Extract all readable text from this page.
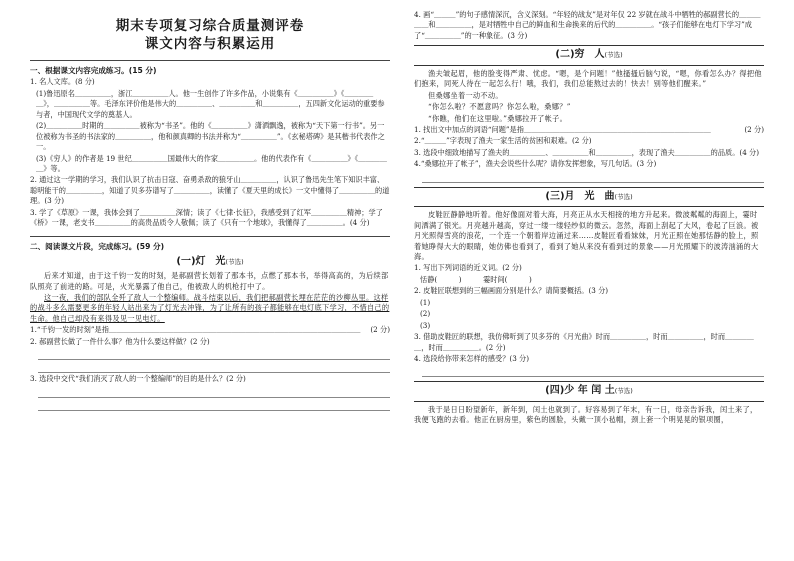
期末专项复习综合质量测评卷
课文内容与积累运用
一、根据课文内容完成练习。(15 分)
1. 名人文库。(8 分)
(1)鲁迅原名＿＿＿＿＿，浙江＿＿＿＿＿人。他一生创作了许多作品，小说集有《＿＿＿＿＿》《＿＿＿＿＿》，＿＿＿＿＿等。毛泽东评价他是伟大的＿＿＿＿＿、＿＿＿＿＿和＿＿＿＿＿，五四新文化运动的重要参与者，中国现代文学的奠基人。
(2)＿＿＿＿＿时期的＿＿＿＿＿被称为“书圣”。他的《＿＿＿＿＿》潇洒飘逸，被称为“天下第一行书”。另一位被称为书圣的书法家的＿＿＿＿＿，他和颜真卿的书法并称为“＿＿＿＿＿”。《玄秘塔碑》是其楷书代表作之一。
(3)《穷人》的作者是 19 世纪＿＿＿＿＿国最伟大的作家＿＿＿＿＿。他的代表作有《＿＿＿＿＿》《＿＿＿＿＿》等。
2. 通过这一学期的学习，我们认识了抗击日寇、奋勇杀敌的狼牙山＿＿＿＿＿，认识了鲁迅先生笔下知识丰富、聪明能干的＿＿＿＿＿，知道了贝多芬谱写了＿＿＿＿＿，读懂了《夏天里的成长》一文中懂得了＿＿＿＿＿的道理。(3 分)
3. 学了《草原》一课，我体会到了＿＿＿＿＿深情；读了《七律·长征》，我感受到了红军＿＿＿＿＿精神；学了《桥》一课，老支书＿＿＿＿＿的高贵品质令人敬佩；读了《只有一个地球》，我懂得了＿＿＿＿＿。(4 分)
二、阅读课文片段，完成练习。(59 分)
(一)灯　光(节选)
后来才知道，由于这千钧一发的时刻，是郝副营长划着了那本书，点燃了那本书，举得高高的，为后续部队照亮了前进的路。可是，火光暴露了他自己，他被敌人的机枪打中了。
这一夜，我们的部队全歼了敌人一个整编师。战斗结束以后，我们把郝副营长埋在茫茫的沙柳丛里。这样的战斗多么需要更多的年轻人站出来为了灯光去冲锋，为了让所有的孩子都能够在电灯底下学习，不惜自己的生命。他自己却没有来得及见一见电灯。
1.“千钧一发的时刻”是指＿＿＿＿＿＿＿＿＿＿＿＿＿＿＿＿＿＿＿＿＿＿＿＿＿＿＿＿＿＿＿＿＿＿＿ (2 分)
2. 郝副营长做了一件什么事？他为什么要这样做？(2 分)
3. 选段中交代“我们消灭了敌人的一个整编师”的目的是什么？(2 分)
4. 画“＿＿＿”的句子感情深沉，含义深刻。“年轻的战友”是对年仅 22 岁就在战斗中牺牲的郝副营长的＿＿＿＿＿和＿＿＿＿＿，是对牺牲中自己的鲜血和生命换来的后代的＿＿＿＿＿。“孩子们能够在电灯下学习”成了“＿＿＿＿＿”的一种象征。(3 分)
(二)穷　人(节选)
渔夫皱起眉，他的脸变得严肃、忧虑。“嗯，是个问题！”他搔搔后脑勺说，“嗯，你看怎么办？得把他们抱来，同死人待在一起怎么行！哦，我们，我们总能熬过去的！快去！别等他们醒来。”
但桑娜坐着一动不动。
“你怎么啦？不愿意吗？你怎么啦，桑娜？”
“你瞧，他们在这里啦。”桑娜拉开了帐子。
1. 找出文中加点的词语“问题”是指＿＿＿＿＿＿＿＿＿＿＿＿＿＿＿＿＿＿＿＿＿＿＿＿＿＿	(2 分)
2.“＿＿＿”字表现了渔夫一家生活的贫困和艰难。(2 分)
3. 选段中细致地描写了渔夫的＿＿＿＿＿、＿＿＿＿＿和＿＿＿＿＿，表现了渔夫＿＿＿＿＿的品质。(4 分)
4.“桑娜拉开了帐子”，渔夫会说些什么呢？请你发挥想象，写几句话。(3 分)
(三)月　光　曲(节选)
皮鞋匠静静地听着。他好像面对着大海，月亮正从水天相接的地方升起来。微波粼粼的海面上，霎时间洒满了银光。月亮越升越高，穿过一缕一缕轻纱似的微云。忽然，海面上刮起了大风，卷起了巨浪。被月光照得雪亮的浪花，一个连一个朝着岸边涌过来……皮鞋匠看看妹妹，月光正照在她那恬静的脸上，照着她睁得大大的眼睛，她仿佛也看到了，看到了她从来没有看到过的景象——月光照耀下的波涛汹涌的大海。
1. 写出下列词语的近义词。(2 分)
恬静(　　　)　　　霎时间(　　　)
2. 皮鞋匠联想到的三幅画面分别是什么？请简要概括。(3 分)
(1)
(2)
(3)
3. 借助皮鞋匠的联想，我仿佛听到了贝多芬的《月光曲》时而＿＿＿＿＿，时而＿＿＿＿＿，时而＿＿＿＿＿，时而＿＿＿＿＿。(2 分)
4. 选段给你带来怎样的感受？(3 分)
(四)少 年 闰 土(节选)
我于是日日盼望新年，新年到，闰土也就到了。好容易到了年末，有一日，母亲告诉我，闰土来了，我便飞跑的去看。他正在厨房里，紫色的圆脸，头戴一顶小毡帽，颈上套一个明晃晃的银项圈，
